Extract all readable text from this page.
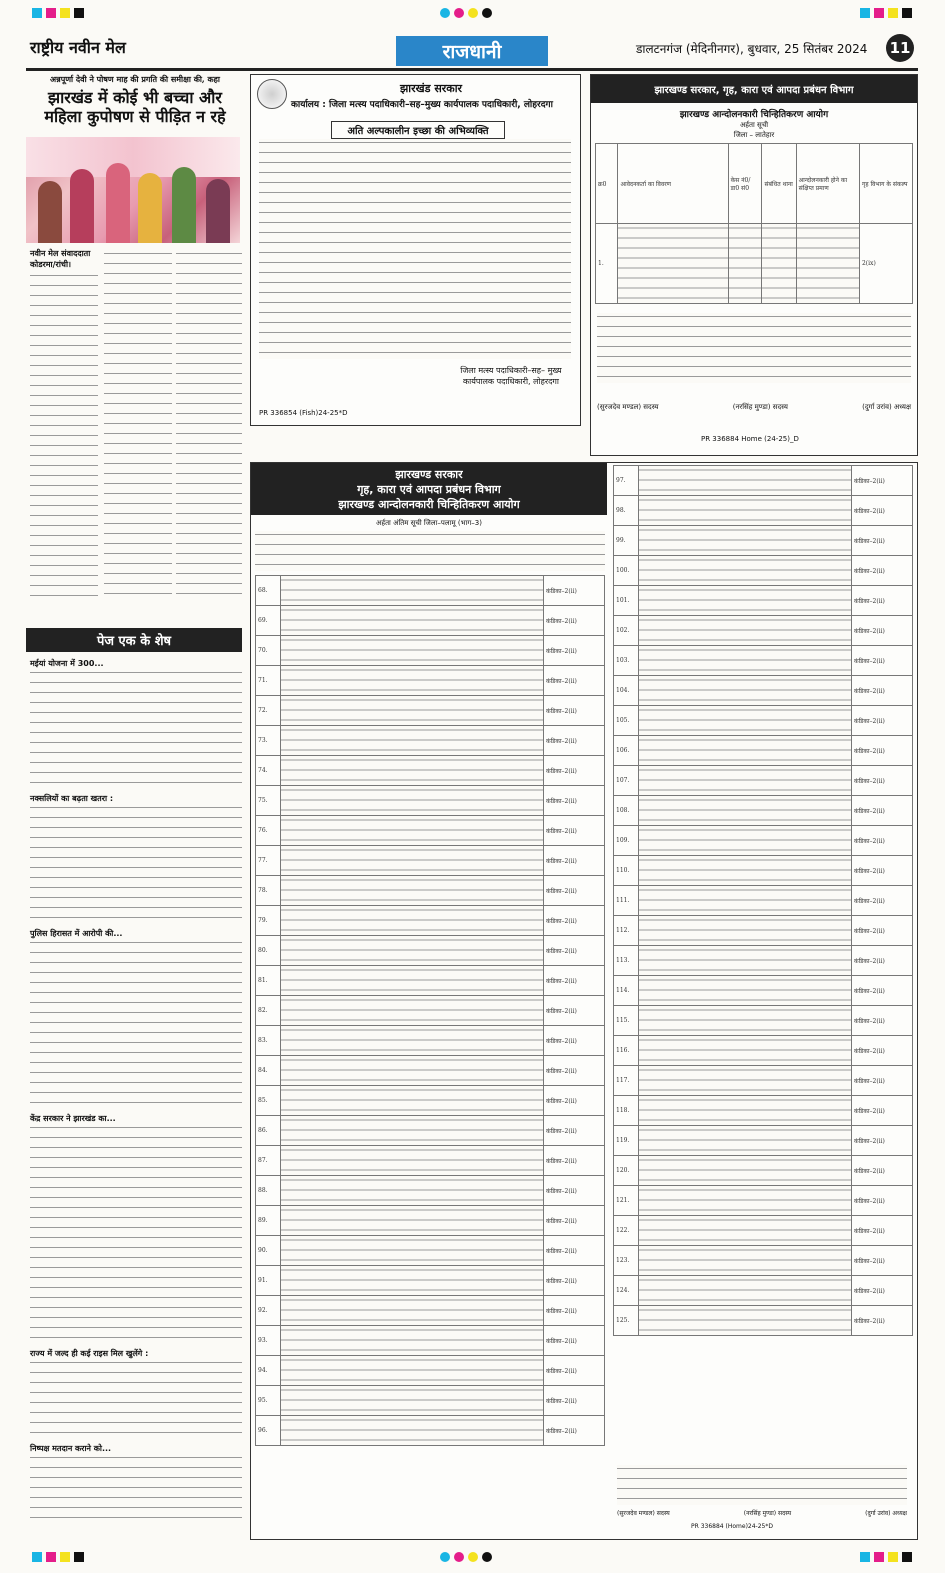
राष्ट्रीय नवीन मेल	राजधानी	डालटनगंज (मेदिनीनगर), बुधवार, 25 सितंबर 2024 11
अन्नपूर्णा देवी ने पोषण माह की प्रगति की समीक्षा की, कहा
झारखंड में कोई भी बच्चा और महिला कुपोषण से पीड़ित न रहे
नवीन मेल संवाददाता कोडरमा/रांची।
पेज एक के शेष
मईयां योजना में 300...
नक्सलियों का बढ़ता खतरा :
पुलिस हिरासत में आरोपी की...
केंद्र सरकार ने झारखंड का...
राज्य में जल्द ही कई राइस मिल खुलेंगे :
निष्पक्ष मतदान कराने को...
झारखंड सरकार
कार्यालय : जिला मत्स्य पदाधिकारी–सह–मुख्य कार्यपालक पदाधिकारी, लोहरदगा
अति अल्पकालीन इच्छा की अभिव्यक्ति
जिला मत्स्य पदाधिकारी–सह– मुख्य कार्यपालक पदाधिकारी, लोहरदगा
PR 336854 (Fish)24-25*D
झारखण्ड सरकार, गृह, कारा एवं आपदा प्रबंधन विभाग
झारखण्ड आन्दोलनकारी चिन्हितिकरण आयोग
अर्हता सूची
जिला – लातेहार
क्र0	आवेदनकर्ता का विवरण	केस नं0/ डा0 सं0	संबंधित थाना	आन्दोलनकारी होने का संक्षिप्त प्रमाण	गृह विभाग के संकल्प
1.					2(ix)
(सुरजदेव मण्डल) सदस्य	(नरसिंह मुण्डा) सदस्य	(दुर्गा उरांव) अध्यक्ष
PR 336884 Home (24-25)_D
झारखण्ड सरकार
गृह, कारा एवं आपदा प्रबंधन विभाग
झारखण्ड आन्दोलनकारी चिन्हितिकरण आयोग
अर्हता अंतिम सूची जिला–पलामू (भाग–3)
68.		कंडिका–2(ii)
69.		कंडिका–2(ii)
70.		कंडिका–2(ii)
71.		कंडिका–2(ii)
72.		कंडिका–2(ii)
73.		कंडिका–2(ii)
74.		कंडिका–2(ii)
75.		कंडिका–2(ii)
76.		कंडिका–2(ii)
77.		कंडिका–2(ii)
78.		कंडिका–2(ii)
79.		कंडिका–2(ii)
80.		कंडिका–2(ii)
81.		कंडिका–2(ii)
82.		कंडिका–2(ii)
83.		कंडिका–2(ii)
84.		कंडिका–2(ii)
85.		कंडिका–2(ii)
86.		कंडिका–2(ii)
87.		कंडिका–2(ii)
88.		कंडिका–2(ii)
89.		कंडिका–2(ii)
90.		कंडिका–2(ii)
91.		कंडिका–2(ii)
92.		कंडिका–2(ii)
93.		कंडिका–2(ii)
94.		कंडिका–2(ii)
95.		कंडिका–2(ii)
96.		कंडिका–2(ii)
97.		कंडिका–2(ii)
98.		कंडिका–2(ii)
99.		कंडिका–2(ii)
100.		कंडिका–2(ii)
101.		कंडिका–2(ii)
102.		कंडिका–2(ii)
103.		कंडिका–2(ii)
104.		कंडिका–2(ii)
105.		कंडिका–2(ii)
106.		कंडिका–2(ii)
107.		कंडिका–2(ii)
108.		कंडिका–2(ii)
109.		कंडिका–2(ii)
110.		कंडिका–2(ii)
111.		कंडिका–2(ii)
112.		कंडिका–2(ii)
113.		कंडिका–2(ii)
114.		कंडिका–2(ii)
115.		कंडिका–2(ii)
116.		कंडिका–2(ii)
117.		कंडिका–2(ii)
118.		कंडिका–2(ii)
119.		कंडिका–2(ii)
120.		कंडिका–2(ii)
121.		कंडिका–2(ii)
122.		कंडिका–2(ii)
123.		कंडिका–2(ii)
124.		कंडिका–2(ii)
125.		कंडिका–2(ii)
(सुरजदेव मण्डल) सदस्य	(नरसिंह मुण्डा) सदस्य	(दुर्गा उरांव) अध्यक्ष
PR 336884 (Home)24-25*D
